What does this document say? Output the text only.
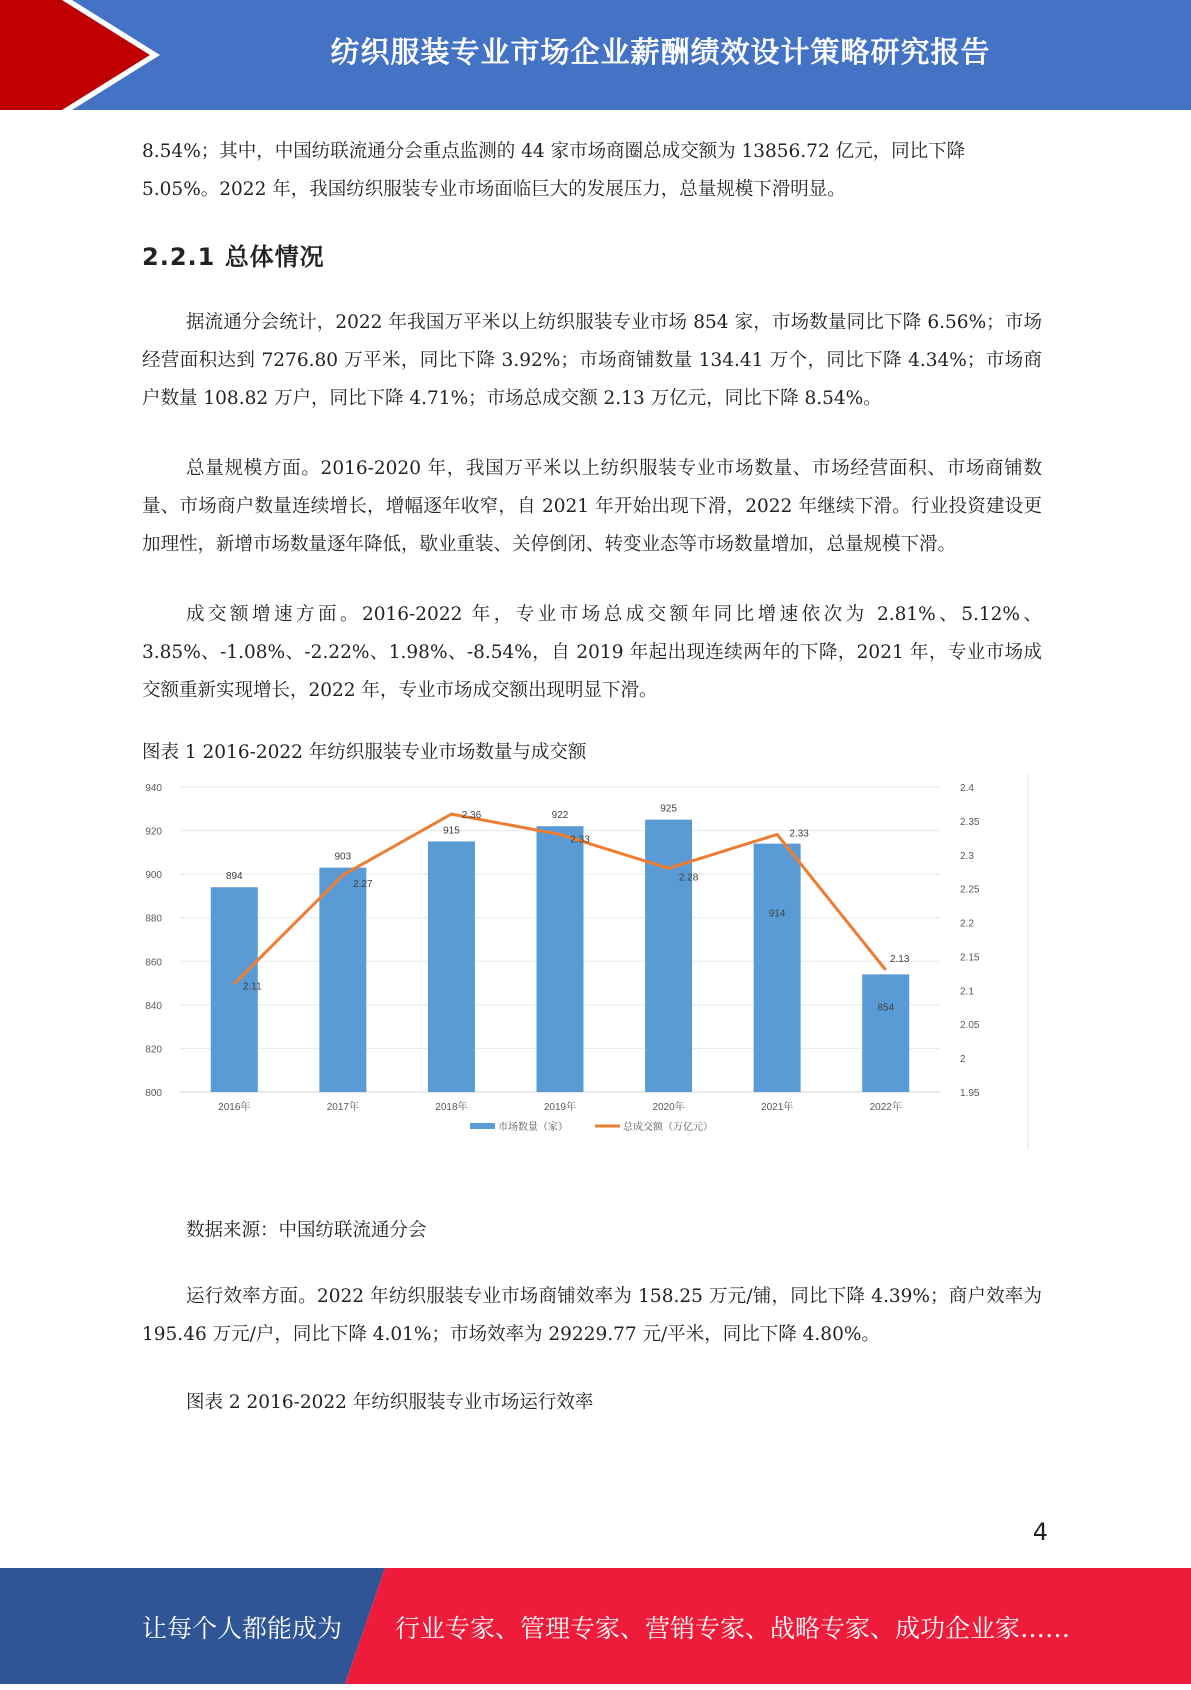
纺织服装专业市场企业薪酬绩效设计策略研究报告

8.54%；其中，中国纺联流通分会重点监测的 44 家市场商圈总成交额为 13856.72 亿元，同比下降

5.05%。2022 年，我国纺织服装专业市场面临巨大的发展压力，总量规模下滑明显。

2.2.1 总体情况

据流通分会统计，2022 年我国万平米以上纺织服装专业市场 854 家，市场数量同比下降 6.56%；市场经营面积达到 7276.80 万平米，同比下降 3.92%；市场商铺数量 134.41 万个，同比下降 4.34%；市场商户数量 108.82 万户，同比下降 4.71%；市场总成交额 2.13 万亿元，同比下降 8.54%。

总量规模方面。2016-2020 年，我国万平米以上纺织服装专业市场数量、市场经营面积、市场商铺数量、市场商户数量连续增长，增幅逐年收窄，自 2021 年开始出现下滑，2022 年继续下滑。行业投资建设更加理性，新增市场数量逐年降低，歇业重装、关停倒闭、转变业态等市场数量增加，总量规模下滑。

成交额增速方面。2016-2022 年，专业市场总成交额年同比增速依次为 2.81%、5.12%、3.85%、-1.08%、-2.22%、1.98%、-8.54%，自 2019 年起出现连续两年的下降，2021 年，专业市场成交额重新实现增长，2022 年，专业市场成交额出现明显下滑。

图表 1 2016-2022 年纺织服装专业市场数量与成交额
940
920
900
880
860
840
820
800
2.4
2.35
2.3
2.25
2.2
2.15
2.1
2.05
2
1.95
894
2016年
903
2017年
915
2018年
922
2019年
925
2020年
914
2021年
854
2022年
2.11
2.27
2.36
2.33
2.28
2.33
2.13
市场数量（家）	总成交额（万亿元）

数据来源：中国纺联流通分会

运行效率方面。2022 年纺织服装专业市场商铺效率为 158.25 万元/铺，同比下降 4.39%；商户效率为 195.46 万元/户，同比下降 4.01%；市场效率为 29229.77 元/平米，同比下降 4.80%。

图表 2 2016-2022 年纺织服装专业市场运行效率

4
让每个人都能成为 行业专家、管理专家、营销专家、战略专家、成功企业家……
